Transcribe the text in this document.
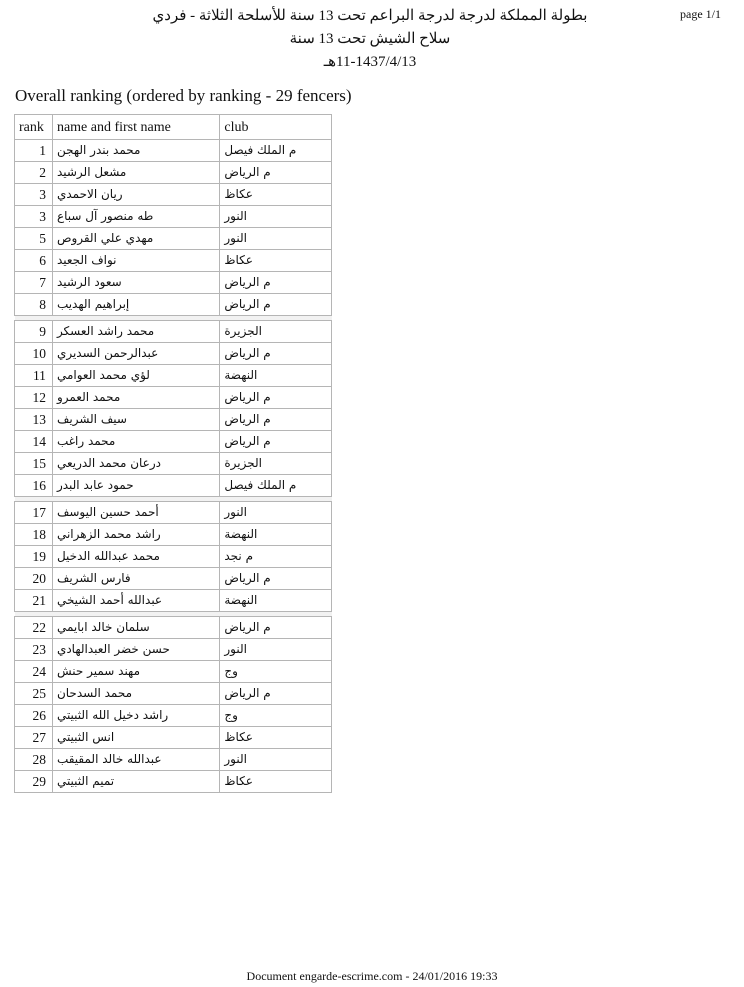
page 1/1
بطولة المملكة لدرجة لدرجة البراعم تحت 13 سنة للأسلحة الثلاثة - فردي
سلاح الشيش تحت 13 سنة
11-1437/4/13هـ
Overall ranking (ordered by ranking - 29 fencers)
rank	name and first name	club
1	محمد بندر الهجن	م الملك فيصل
2	مشعل الرشيد	م الرياض
3	ريان الاحمدي	عكاظ
3	طه منصور آل سباع	النور
5	مهدي علي القروص	النور
6	نواف الجعيد	عكاظ
7	سعود الرشيد	م الرياض
8	إبراهيم الهديب	م الرياض

9	محمد راشد العسكر	الجزيرة
10	عبدالرحمن السديري	م الرياض
11	لؤي محمد العوامي	النهضة
12	محمد العمرو	م الرياض
13	سيف الشريف	م الرياض
14	محمد راغب	م الرياض
15	درعان محمد الدريعي	الجزيرة
16	حمود عابد البدر	م الملك فيصل

17	أحمد حسين اليوسف	النور
18	راشد محمد الزهراني	النهضة
19	محمد عبدالله الدخيل	م نجد
20	فارس الشريف	م الرياض
21	عبدالله أحمد الشيخي	النهضة

22	سلمان خالد ابايمي	م الرياض
23	حسن خضر العبدالهادي	النور
24	مهند سمير حنش	وج
25	محمد السدحان	م الرياض
26	راشد دخيل الله الثبيتي	وج
27	انس الثبيتي	عكاظ
28	عبدالله خالد المقيقب	النور
29	تميم الثبيتي	عكاظ
Document engarde-escrime.com - 24/01/2016 19:33
